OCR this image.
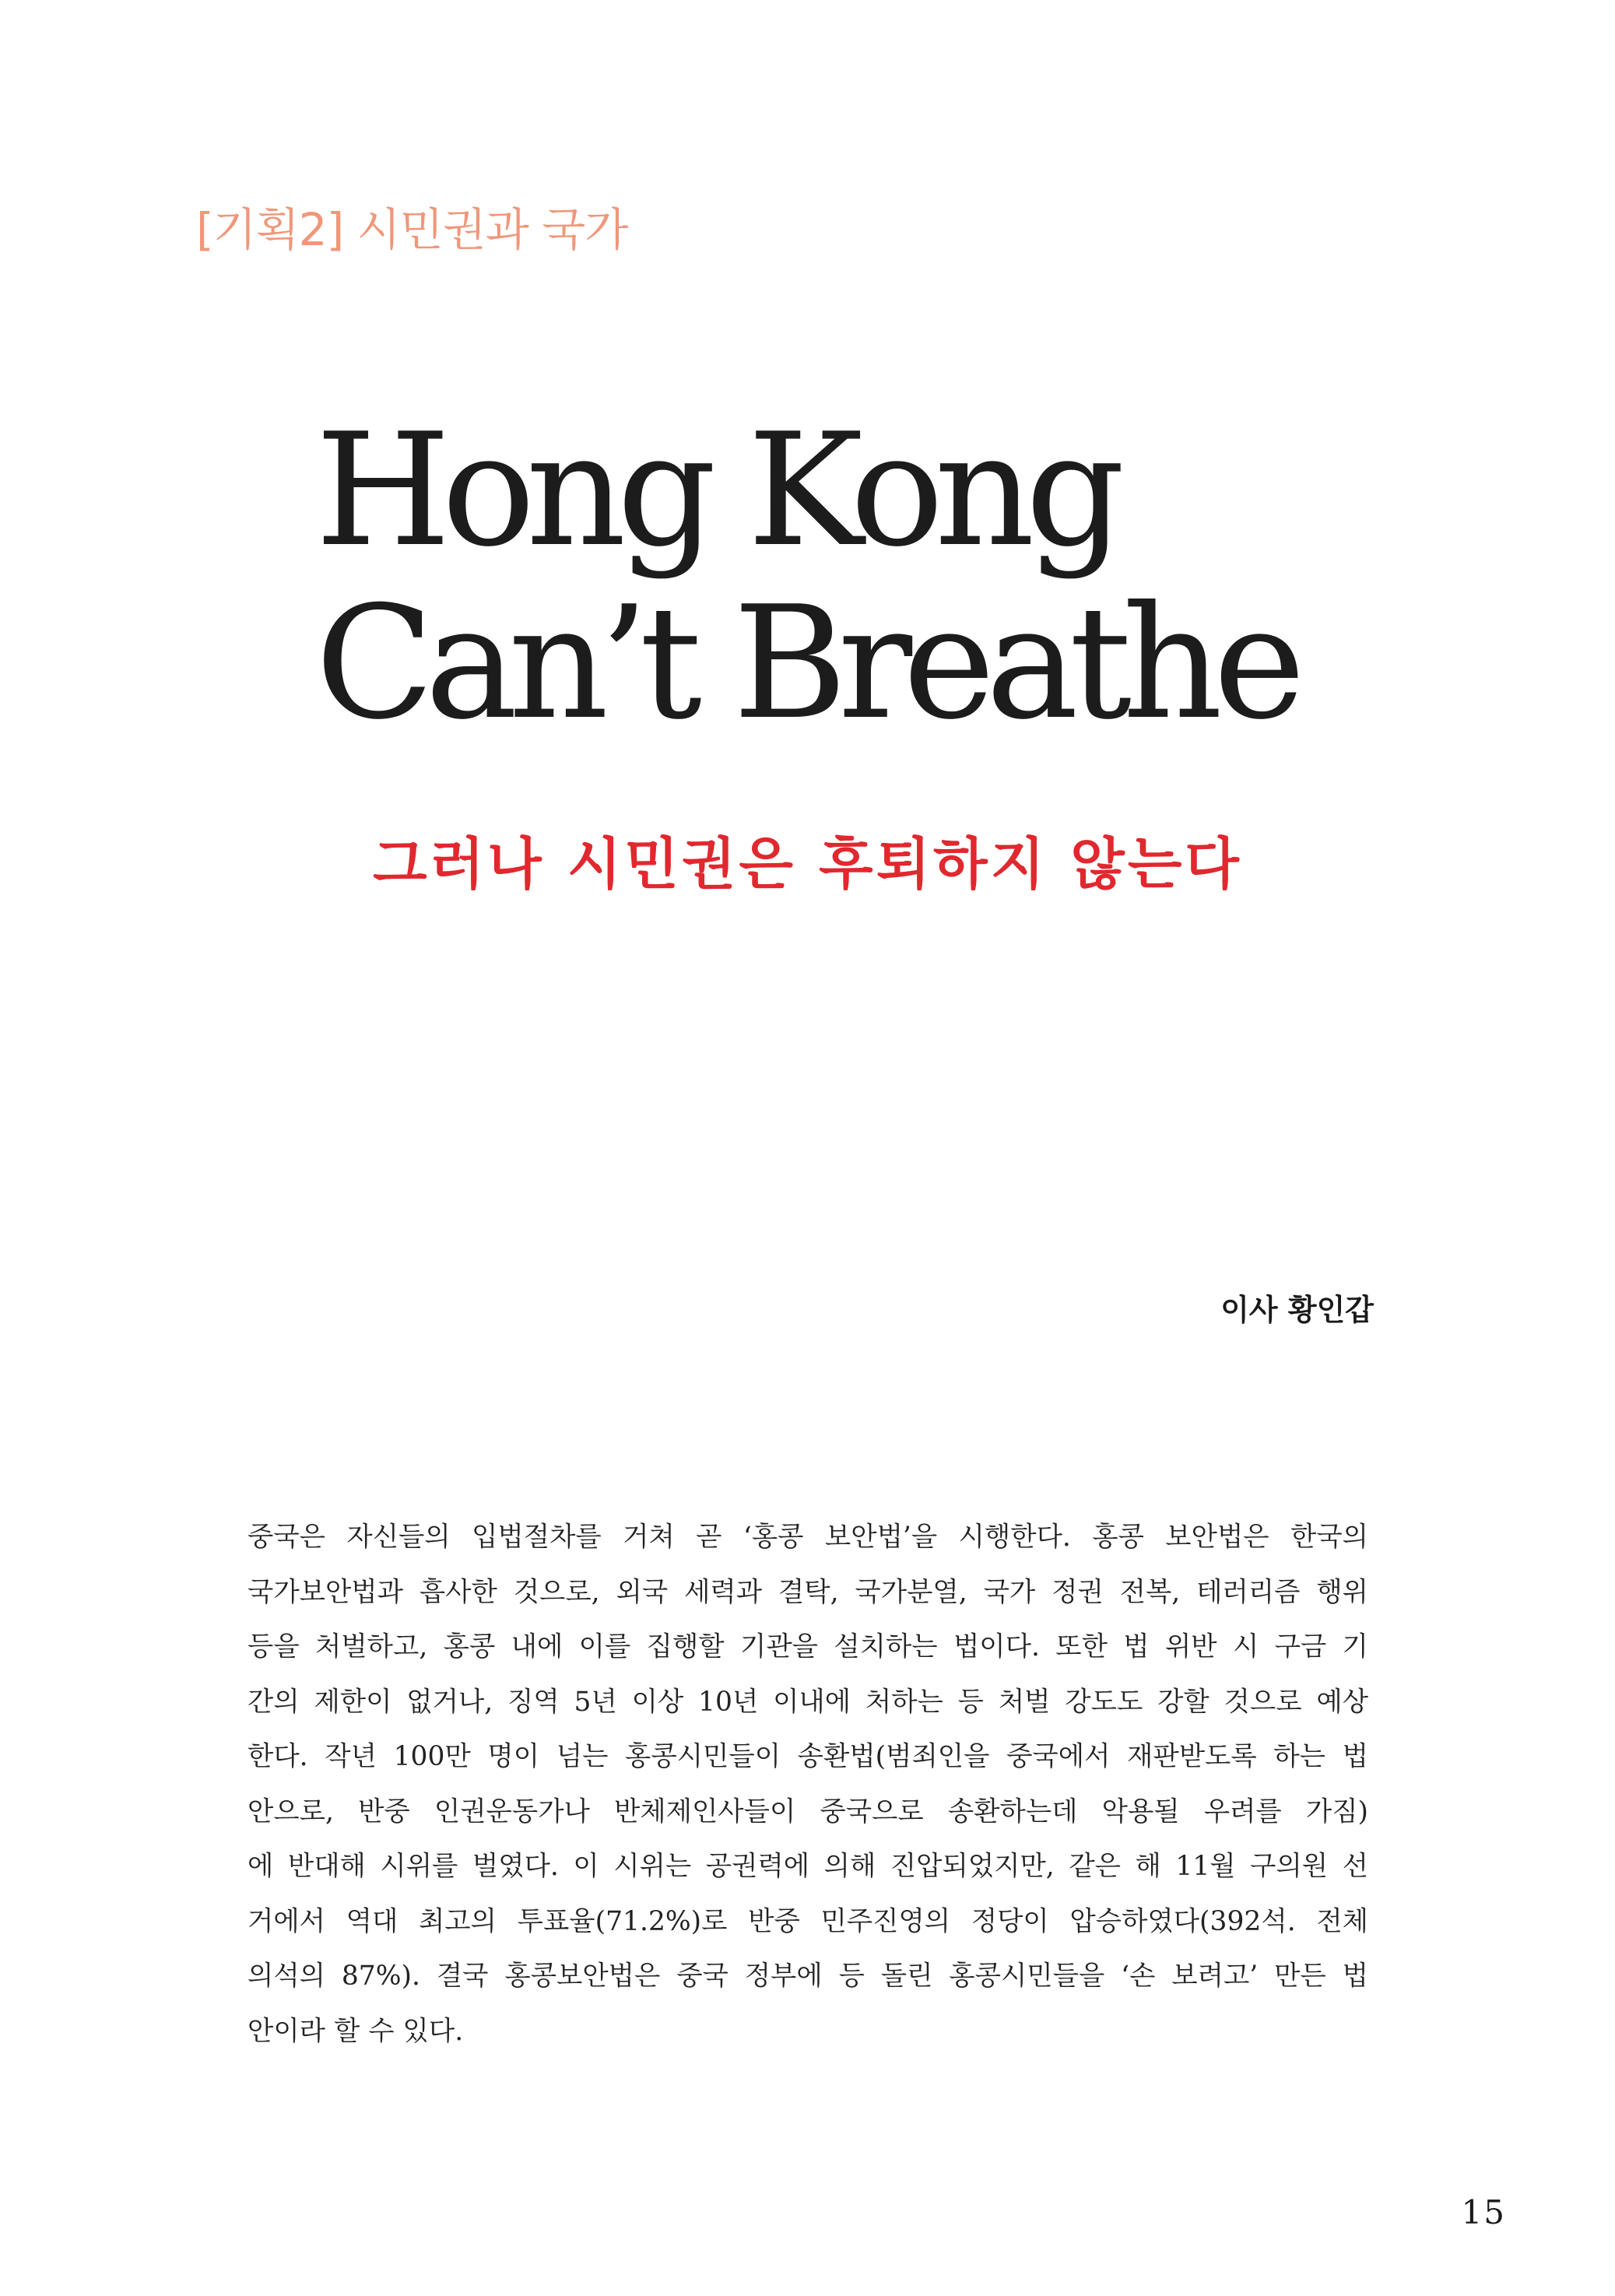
[기획2] 시민권과 국가
Hong Kong
Can’t Breathe
그러나 시민권은 후퇴하지 않는다
이사 황인갑
중국은 자신들의 입법절차를 거쳐 곧 ‘홍콩 보안법’을 시행한다. 홍콩 보안법은 한국의
국가보안법과 흡사한 것으로, 외국 세력과 결탁, 국가분열, 국가 정권 전복, 테러리즘 행위
등을 처벌하고, 홍콩 내에 이를 집행할 기관을 설치하는 법이다. 또한 법 위반 시 구금 기
간의 제한이 없거나, 징역 5년 이상 10년 이내에 처하는 등 처벌 강도도 강할 것으로 예상
한다. 작년 100만 명이 넘는 홍콩시민들이 송환법(범죄인을 중국에서 재판받도록 하는 법
안으로, 반중 인권운동가나 반체제인사들이 중국으로 송환하는데 악용될 우려를 가짐)
에 반대해 시위를 벌였다. 이 시위는 공권력에 의해 진압되었지만, 같은 해 11월 구의원 선
거에서 역대 최고의 투표율(71.2%)로 반중 민주진영의 정당이 압승하였다(392석. 전체
의석의 87%). 결국 홍콩보안법은 중국 정부에 등 돌린 홍콩시민들을 ‘손 보려고’ 만든 법
안이라 할 수 있다.
15
